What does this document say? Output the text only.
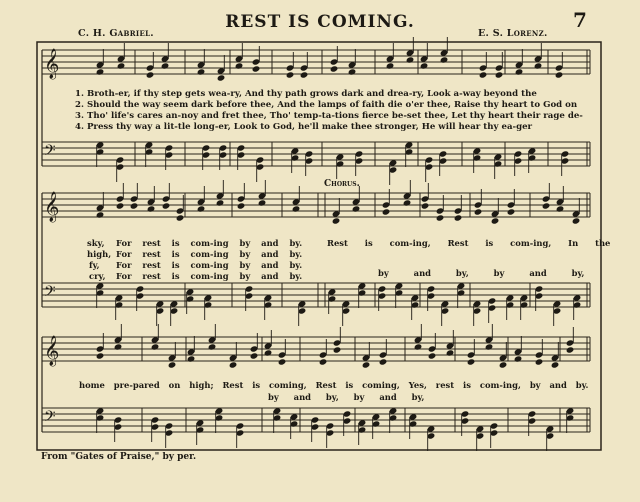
REST IS COMING.
C. H. Gabriel.	E. S. Lorenz.
7
𝄞
𝄢
𝄞
𝄢
𝄞
𝄢
1. Broth-er, if thy step gets wea-ry, And thy path grows dark and drea-ry, Look a-way beyond the
2. Should the way seem dark before thee, And the lamps of faith die o'er thee, Raise thy heart to God on
3. Tho' life's cares an-noy and fret thee, Tho' temp-ta-tions fierce be-set thee, Let thy heart their rage de-
4. Press thy way a lit-tle long-er, Look to God, he'll make thee stronger, He will hear thy ea-ger
Chorus.
sky,
high,
fy,
cry,
For rest is com-ing by and by.
For rest is com-ing by and by.
For rest is com-ing by and by.
For rest is com-ing by and by.
Rest is com-ing, Rest is com-ing, In the
by and by, by and by,
home pre-pared on high; Rest is coming, Rest is coming, Yes, rest is com-ing, by and by.
by and by, by and by,
From "Gates of Praise," by per.
